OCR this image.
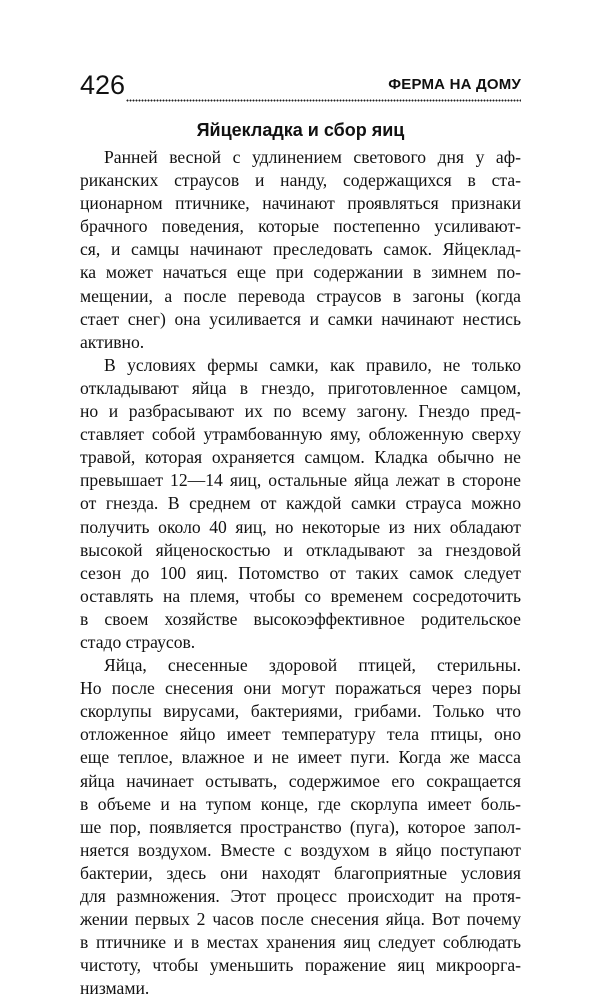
426	ФЕРМА НА ДОМУ
Яйцекладка и сбор яиц

Ранней весной с удлинением светового дня у аф-
риканских страусов и нанду, содержащихся в ста-
ционарном птичнике, начинают проявляться признаки
брачного поведения, которые постепенно усиливают-
ся, и самцы начинают преследовать самок. Яйцеклад-
ка может начаться еще при содержании в зимнем по-
мещении, а после перевода страусов в загоны (когда
стает снег) она усиливается и самки начинают нестись
активно.

В условиях фермы самки, как правило, не только
откладывают яйца в гнездо, приготовленное самцом,
но и разбрасывают их по всему загону. Гнездо пред-
ставляет собой утрамбованную яму, обложенную сверху
травой, которая охраняется самцом. Кладка обычно не
превышает 12—14 яиц, остальные яйца лежат в стороне
от гнезда. В среднем от каждой самки страуса можно
получить около 40 яиц, но некоторые из них обладают
высокой яйценоскостью и откладывают за гнездовой
сезон до 100 яиц. Потомство от таких самок следует
оставлять на племя, чтобы со временем сосредоточить
в своем хозяйстве высокоэффективное родительское
стадо страусов.

Яйца, снесенные здоровой птицей, стерильны.
Но после снесения они могут поражаться через поры
скорлупы вирусами, бактериями, грибами. Только что
отложенное яйцо имеет температуру тела птицы, оно
еще теплое, влажное и не имеет пуги. Когда же масса
яйца начинает остывать, содержимое его сокращается
в объеме и на тупом конце, где скорлупа имеет боль-
ше пор, появляется пространство (пуга), которое запол-
няется воздухом. Вместе с воздухом в яйцо поступают
бактерии, здесь они находят благоприятные условия
для размножения. Этот процесс происходит на протя-
жении первых 2 часов после снесения яйца. Вот почему
в птичнике и в местах хранения яиц следует соблюдать
чистоту, чтобы уменьшить поражение яиц микроорга-
низмами.
